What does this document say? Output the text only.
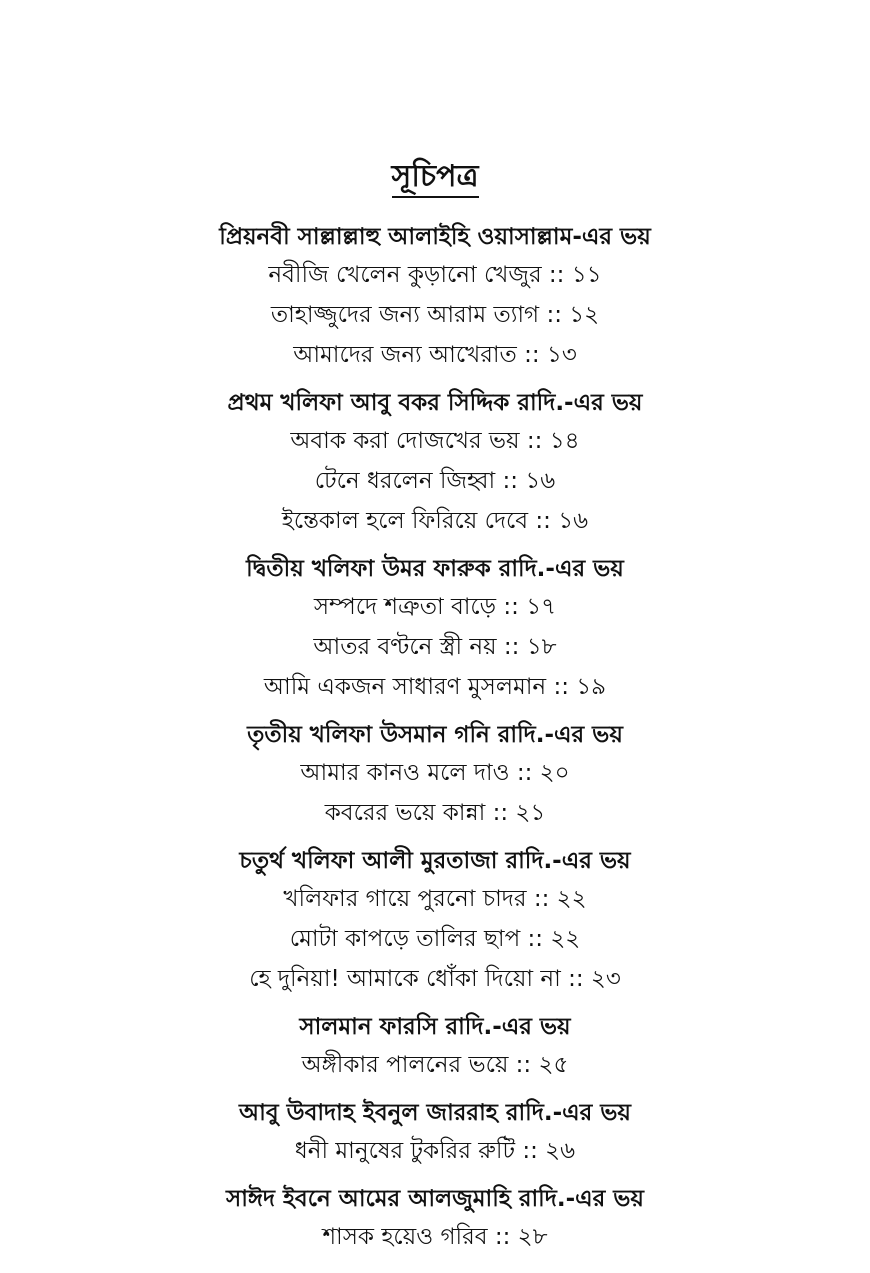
সূচিপত্র
প্রিয়নবী সাল্লাল্লাহু আলাইহি ওয়াসাল্লাম-এর ভয়
নবীজি খেলেন কুড়ানো খেজুর :: ১১
তাহাজ্জুদের জন্য আরাম ত্যাগ :: ১২
আমাদের জন্য আখেরাত :: ১৩
প্রথম খলিফা আবু বকর সিদ্দিক রাদি.-এর ভয়
অবাক করা দোজখের ভয় :: ১৪
টেনে ধরলেন জিহ্বা :: ১৬
ইন্তেকাল হলে ফিরিয়ে দেবে :: ১৬
দ্বিতীয় খলিফা উমর ফারুক রাদি.-এর ভয়
সম্পদে শত্রুতা বাড়ে :: ১৭
আতর বণ্টনে স্ত্রী নয় :: ১৮
আমি একজন সাধারণ মুসলমান :: ১৯
তৃতীয় খলিফা উসমান গনি রাদি.-এর ভয়
আমার কানও মলে দাও :: ২০
কবরের ভয়ে কান্না :: ২১
চতুর্থ খলিফা আলী মুরতাজা রাদি.-এর ভয়
খলিফার গায়ে পুরনো চাদর :: ২২
মোটা কাপড়ে তালির ছাপ :: ২২
হে দুনিয়া! আমাকে ধোঁকা দিয়ো না :: ২৩
সালমান ফারসি রাদি.-এর ভয়
অঙ্গীকার পালনের ভয়ে :: ২৫
আবু উবাদাহ ইবনুল জাররাহ রাদি.-এর ভয়
ধনী মানুষের টুকরির রুটি :: ২৬
সাঈদ ইবনে আমের আলজুমাহি রাদি.-এর ভয়
শাসক হয়েও গরিব :: ২৮
